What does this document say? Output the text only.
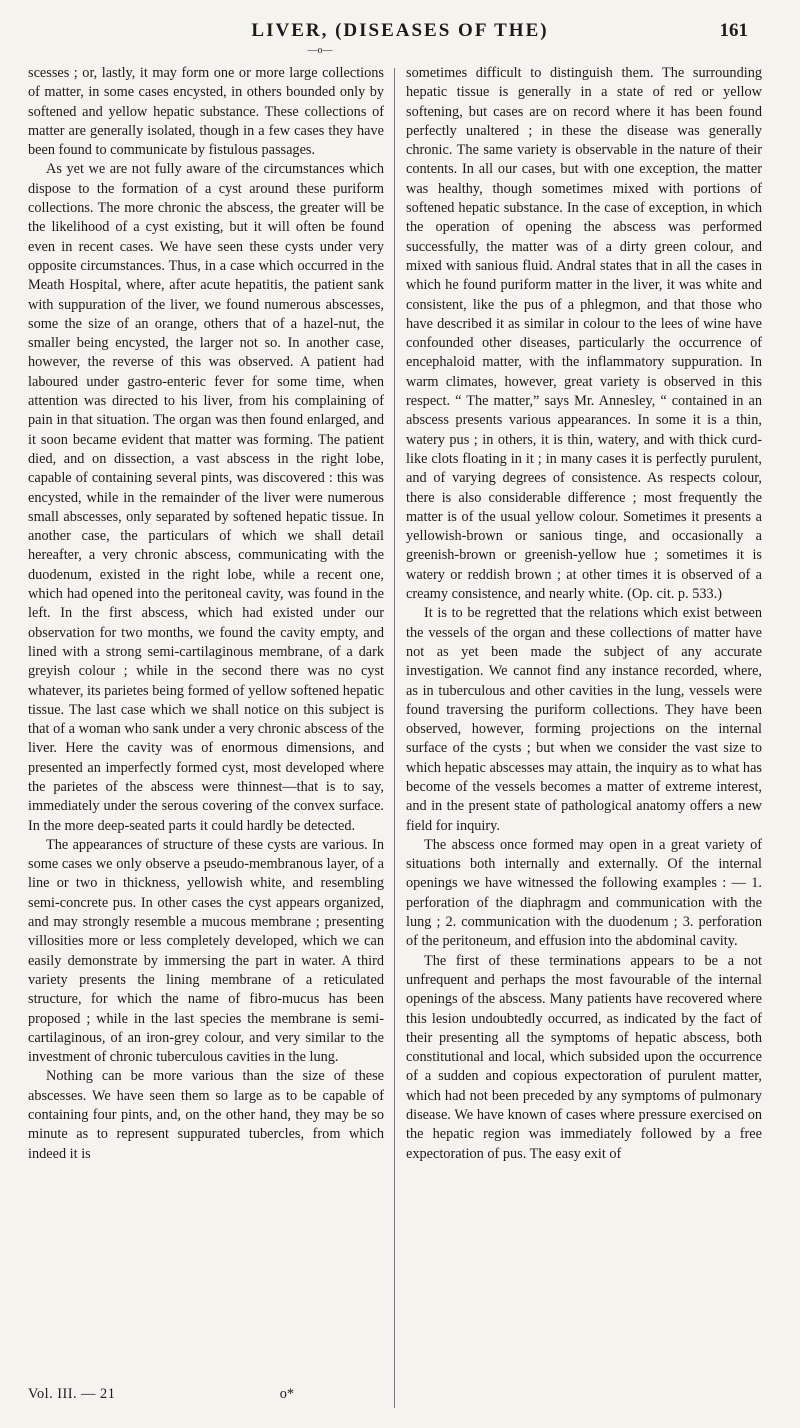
LIVER, (DISEASES OF THE)	161
—o—

scesses ; or, lastly, it may form one or more large collections of matter, in some cases encysted, in others bounded only by softened and yellow hepatic substance. These collections of matter are generally isolated, though in a few cases they have been found to communicate by fistulous passages.

As yet we are not fully aware of the circumstances which dispose to the formation of a cyst around these puriform collections. The more chronic the abscess, the greater will be the likelihood of a cyst existing, but it will often be found even in recent cases. We have seen these cysts under very opposite circumstances. Thus, in a case which occurred in the Meath Hospital, where, after acute hepatitis, the patient sank with suppuration of the liver, we found numerous abscesses, some the size of an orange, others that of a hazel-nut, the smaller being encysted, the larger not so. In another case, however, the reverse of this was observed. A patient had laboured under gastro-enteric fever for some time, when attention was directed to his liver, from his complaining of pain in that situation. The organ was then found enlarged, and it soon became evident that matter was forming. The patient died, and on dissection, a vast abscess in the right lobe, capable of containing several pints, was discovered : this was encysted, while in the remainder of the liver were numerous small abscesses, only separated by softened hepatic tissue. In another case, the particulars of which we shall detail hereafter, a very chronic abscess, communicating with the duodenum, existed in the right lobe, while a recent one, which had opened into the peritoneal cavity, was found in the left. In the first abscess, which had existed under our observation for two months, we found the cavity empty, and lined with a strong semi-cartilaginous membrane, of a dark greyish colour ; while in the second there was no cyst whatever, its parietes being formed of yellow softened hepatic tissue. The last case which we shall notice on this subject is that of a woman who sank under a very chronic abscess of the liver. Here the cavity was of enormous dimensions, and presented an imperfectly formed cyst, most developed where the parietes of the abscess were thinnest—that is to say, immediately under the serous covering of the convex surface. In the more deep-seated parts it could hardly be detected.

The appearances of structure of these cysts are various. In some cases we only observe a pseudo-membranous layer, of a line or two in thickness, yellowish white, and resembling semi-concrete pus. In other cases the cyst appears organized, and may strongly resemble a mucous membrane ; presenting villosities more or less completely developed, which we can easily demonstrate by immersing the part in water. A third variety presents the lining membrane of a reticulated structure, for which the name of fibro-mucus has been proposed ; while in the last species the membrane is semi-cartilaginous, of an iron-grey colour, and very similar to the investment of chronic tuberculous cavities in the lung.

Nothing can be more various than the size of these abscesses. We have seen them so large as to be capable of containing four pints, and, on the other hand, they may be so minute as to represent suppurated tubercles, from which indeed it is

sometimes difficult to distinguish them. The surrounding hepatic tissue is generally in a state of red or yellow softening, but cases are on record where it has been found perfectly unaltered ; in these the disease was generally chronic. The same variety is observable in the nature of their contents. In all our cases, but with one exception, the matter was healthy, though sometimes mixed with portions of softened hepatic substance. In the case of exception, in which the operation of opening the abscess was performed successfully, the matter was of a dirty green colour, and mixed with sanious fluid. Andral states that in all the cases in which he found puriform matter in the liver, it was white and consistent, like the pus of a phlegmon, and that those who have described it as similar in colour to the lees of wine have confounded other diseases, particularly the occurrence of encephaloid matter, with the inflammatory suppuration. In warm climates, however, great variety is observed in this respect. “ The matter,” says Mr. Annesley, “ contained in an abscess presents various appearances. In some it is a thin, watery pus ; in others, it is thin, watery, and with thick curd-like clots floating in it ; in many cases it is perfectly purulent, and of varying degrees of consistence. As respects colour, there is also considerable difference ; most frequently the matter is of the usual yellow colour. Sometimes it presents a yellowish-brown or sanious tinge, and occasionally a greenish-brown or greenish-yellow hue ; sometimes it is watery or reddish brown ; at other times it is observed of a creamy consistence, and nearly white. (Op. cit. p. 533.)

It is to be regretted that the relations which exist between the vessels of the organ and these collections of matter have not as yet been made the subject of any accurate investigation. We cannot find any instance recorded, where, as in tuberculous and other cavities in the lung, vessels were found traversing the puriform collections. They have been observed, however, forming projections on the internal surface of the cysts ; but when we consider the vast size to which hepatic abscesses may attain, the inquiry as to what has become of the vessels becomes a matter of extreme interest, and in the present state of pathological anatomy offers a new field for inquiry.

The abscess once formed may open in a great variety of situations both internally and externally. Of the internal openings we have witnessed the following examples : — 1. perforation of the diaphragm and communication with the lung ; 2. communication with the duodenum ; 3. perforation of the peritoneum, and effusion into the abdominal cavity.

The first of these terminations appears to be a not unfrequent and perhaps the most favourable of the internal openings of the abscess. Many patients have recovered where this lesion undoubtedly occurred, as indicated by the fact of their presenting all the symptoms of hepatic abscess, both constitutional and local, which subsided upon the occurrence of a sudden and copious expectoration of purulent matter, which had not been preceded by any symptoms of pulmonary disease. We have known of cases where pressure exercised on the hepatic region was immediately followed by a free expectoration of pus. The easy exit of

Vol. III. — 21	o*
